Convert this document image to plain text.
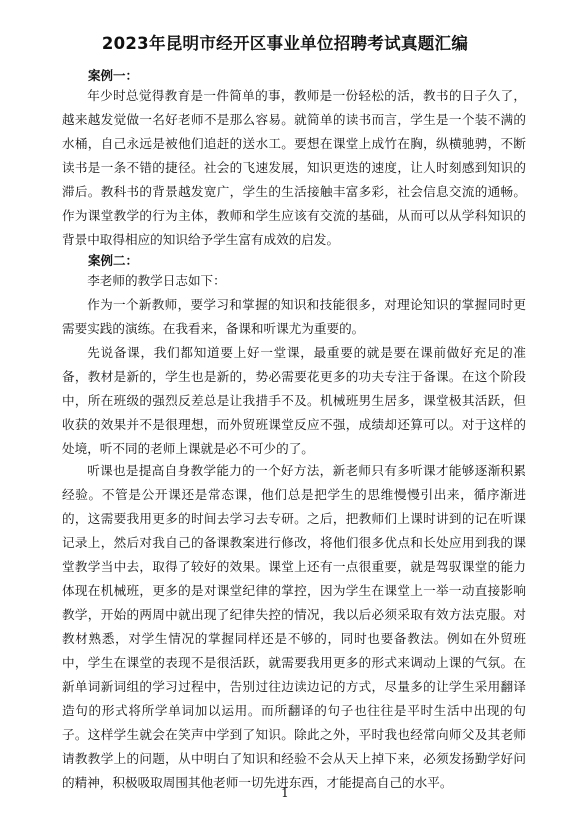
2023年昆明市经开区事业单位招聘考试真题汇编
案例一：
年少时总觉得教育是一件简单的事，教师是一份轻松的活，教书的日子久了，越来越发觉做一名好老师不是那么容易。就简单的读书而言，学生是一个装不满的水桶，自己永远是被他们追赶的送水工。要想在课堂上成竹在胸，纵横驰骋，不断读书是一条不错的捷径。社会的飞速发展，知识更迭的速度，让人时刻感到知识的滞后。教科书的背景越发宽广，学生的生活接触丰富多彩，社会信息交流的通畅。作为课堂教学的行为主体，教师和学生应该有交流的基础，从而可以从学科知识的背景中取得相应的知识给予学生富有成效的启发。
案例二：
李老师的教学日志如下：
作为一个新教师，要学习和掌握的知识和技能很多，对理论知识的掌握同时更需要实践的演练。在我看来，备课和听课尤为重要的。
先说备课，我们都知道要上好一堂课，最重要的就是要在课前做好充足的准备，教材是新的，学生也是新的，势必需要花更多的功夫专注于备课。在这个阶段中，所在班级的强烈反差总是让我措手不及。机械班男生居多，课堂极其活跃，但收获的效果并不是很理想，而外贸班课堂反应不强，成绩却还算可以。对于这样的处境，听不同的老师上课就是必不可少的了。
听课也是提高自身教学能力的一个好方法，新老师只有多听课才能够逐渐积累经验。不管是公开课还是常态课，他们总是把学生的思维慢慢引出来，循序渐进的，这需要我用更多的时间去学习去专研。之后，把教师们上课时讲到的记在听课记录上，然后对我自己的备课教案进行修改，将他们很多优点和长处应用到我的课堂教学当中去，取得了较好的效果。课堂上还有一点很重要，就是驾驭课堂的能力体现在机械班，更多的是对课堂纪律的掌控，因为学生在课堂上一举一动直接影响教学，开始的两周中就出现了纪律失控的情况，我以后必须采取有效方法克服。对教材熟悉，对学生情况的掌握同样还是不够的，同时也要备教法。例如在外贸班中，学生在课堂的表现不是很活跃，就需要我用更多的形式来调动上课的气氛。在新单词新词组的学习过程中，告别过往边读边记的方式，尽量多的让学生采用翻译造句的形式将所学单词加以运用。而所翻译的句子也往往是平时生活中出现的句子。这样学生就会在笑声中学到了知识。除此之外，平时我也经常向师父及其老师请教教学上的问题，从中明白了知识和经验不会从天上掉下来，必须发扬勤学好问的精神，积极吸取周围其他老师一切先进东西，才能提高自己的水平。
1
